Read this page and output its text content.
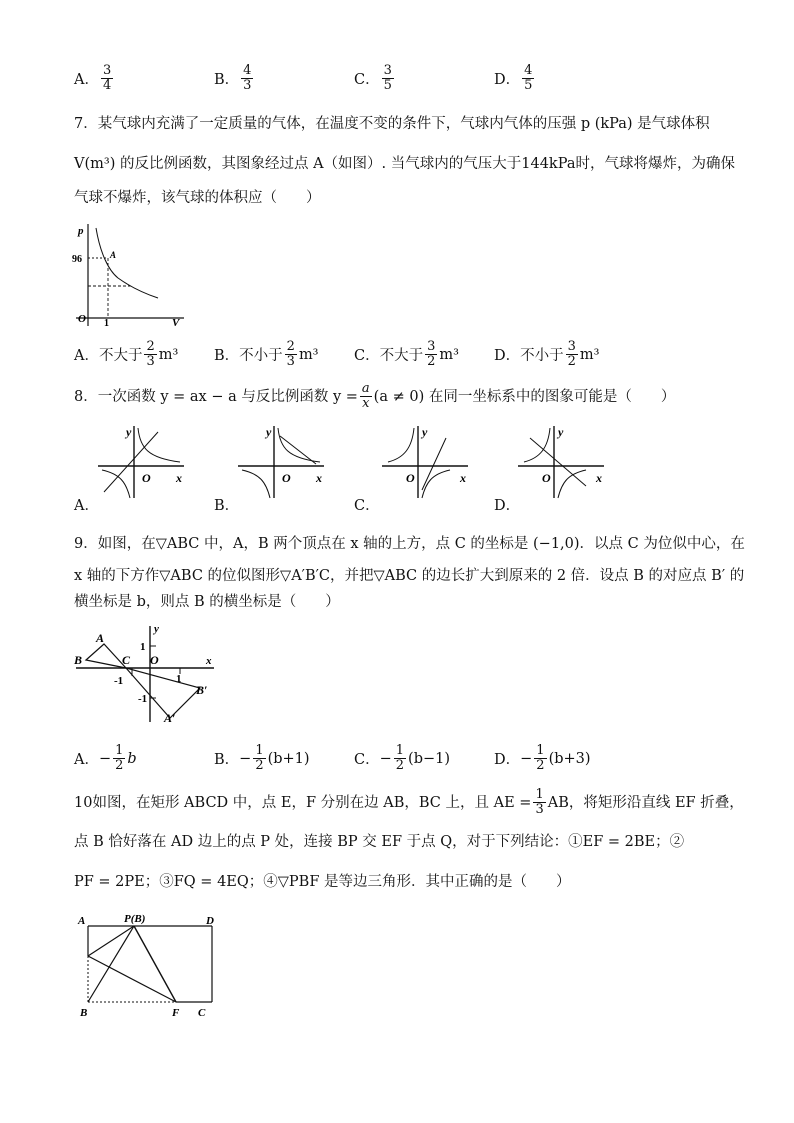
A． $\frac{3}{4}$	B． $\frac{4}{3}$	C． $\frac{3}{5}$	D． $\frac{4}{5}$
7．某气球内充满了一定质量的气体，在温度不变的条件下，气球内气体的压强 p (kPa) 是气球体积
V(m³) 的反比例函数，其图象经过点 A（如图）. 当气球内的气压大于144kPa时，气球将爆炸，为确保
气球不爆炸，该气球的体积应（　　）
p
V
O
96
1
A
A． 不大于 $\frac{2}{3} m^3$ B． 不小于 $\frac{2}{3} m^3$ C． 不大于 $\frac{3}{2} m^3$ D． 不小于 $\frac{3}{2} m^3$
8．一次函数 y = ax − a 与反比例函数 $y = \frac{a}{x} (a \ne 0)$ 在同一坐标系中的图象可能是（　　）
y
x
O
A．
y
x
O
B．
y
x
O
C．
y
x
O
D．
9．如图，在▽ABC 中，A，B 两个顶点在 x 轴的上方，点 C 的坐标是 (−1,0)．以点 C 为位似中心，在
x 轴的下方作▽ABC 的位似图形▽A′B′C，并把▽ABC 的边长扩大到原来的 2 倍．设点 B 的对应点 B′ 的
横坐标是 b，则点 B 的横坐标是（　　）
A
B	C O
1
-1	1
-1
A′
B′
x
y
A． − $\frac{1}{2}$ b	B． − $\frac{1}{2} (b+1)$	C． − $\frac{1}{2} (b-1)$	D． − $\frac{1}{2} (b+3)$
10如图，在矩形 ABCD 中，点 E，F 分别在边 AB，BC 上，且 AE = $\frac{1}{3}$ AB，将矩形沿直线 EF 折叠，
点 B 恰好落在 AD 边上的点 P 处，连接 BP 交 EF 于点 Q，对于下列结论：①EF = 2BE；②
PF = 2PE；③FQ = 4EQ；④▽PBF 是等边三角形．其中正确的是（　　）
A	P(B)	D
B	F C
